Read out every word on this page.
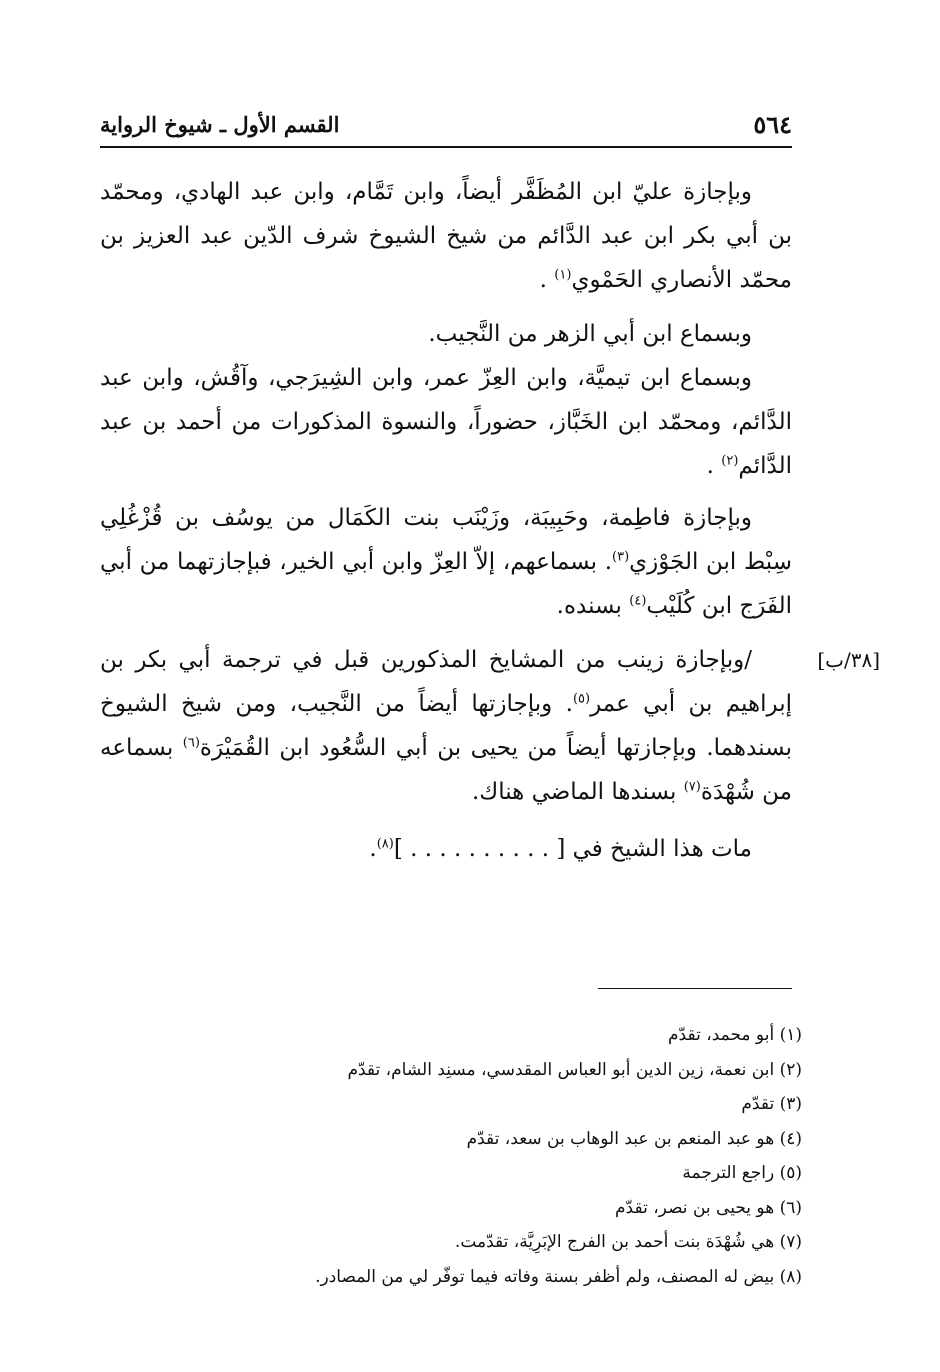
٥٦٤
القسم الأول ـ شيوخ الرواية

وبإجازة عليّ ابن المُظَفَّر أيضاً، وابن تَمَّام، وابن عبد الهادي، ومحمّد بن أبي بكر ابن عبد الدَّائم من شيخ الشيوخ شرف الدّين عبد العزيز بن محمّد الأنصاري الحَمْوي$^{(١)}$ .

وبسماع ابن أبي الزهر من النَّجيب.

وبسماع ابن تيميَّة، وابن العِزّ عمر، وابن الشِيرَجي، وآقُش، وابن عبد الدَّائم، ومحمّد ابن الخَبَّاز، حضوراً، والنسوة المذكورات من أحمد بن عبد الدَّائم$^{(٢)}$ .

وبإجازة فاطِمة، وحَبِيبَة، وزَيْنَب بنت الكَمَال من يوسُف بن قُزْغُلِي سِبْط ابن الجَوْزي$^{(٣)}$. بسماعهم، إلاّ العِزّ وابن أبي الخير، فبإجازتهما من أبي الفَرَج ابن كُلَيْب$^{(٤)}$ بسنده.

[٣٨/ب]

/وبإجازة زينب من المشايخ المذكورين قبل في ترجمة أبي بكر بن إبراهيم بن أبي عمر$^{(٥)}$. وبإجازتها أيضاً من النَّجيب، ومن شيخ الشيوخ بسندهما. وبإجازتها أيضاً من يحيى بن أبي السُّعُود ابن القُمَيْرَة$^{(٦)}$ بسماعه من شُهْدَة$^{(٧)}$ بسندها الماضي هناك.

مات هذا الشيخ في [ . . . . . . . . . . ]$^{(٨)}$.

(١) أبو محمد، تقدّم
(٢) ابن نعمة، زين الدين أبو العباس المقدسي، مسنِد الشام، تقدّم
(٣) تقدّم
(٤) هو عبد المنعم بن عبد الوهاب بن سعد، تقدّم
(٥) راجع الترجمة
(٦) هو يحيى بن نصر، تقدّم
(٧) هي شُهْدَة بنت أحمد بن الفرج الإبَرِيَّة، تقدّمت.
(٨) بيض له المصنف، ولم أظفر بسنة وفاته فيما توفّر لي من المصادر.
